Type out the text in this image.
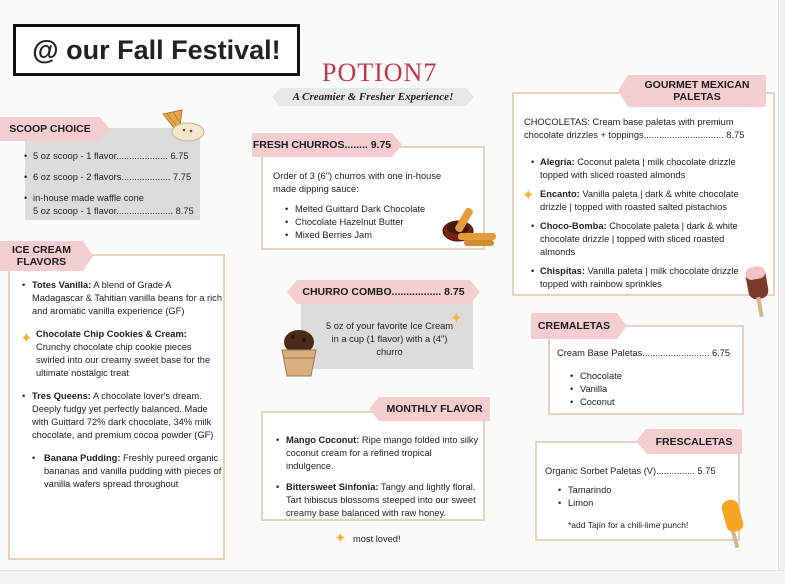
@ our Fall Festival!
POTION7
A Creamier & Fresher Experience!
SCOOP CHOICE
• 5 oz scoop - 1 flavor.................... 6.75
• 6 oz scoop - 2 flavors................... 7.75
• in-house made waffle cone
5 oz scoop - 1 flavor...................... 8.75
ICE CREAM FLAVORS
• Totes Vanilla: A blend of Grade A Madagascar & Tahitian vanilla beans for a rich and aromatic vanilla experience (GF)
Chocolate Chip Cookies & Cream:
Crunchy chocolate chip cookie pieces swirled into our creamy sweet base for the ultimate nostalgic treat
• Tres Queens: A chocolate lover's dream. Deeply fudgy yet perfectly balanced. Made with Guittard 72% dark chocolate, 34% milk chocolate, and premium cocoa powder (GF)
• Banana Pudding: Freshly pureed organic bananas and vanilla pudding with pieces of vanilla wafers spread throughout
✦
FRESH CHURROS........ 9.75
Order of 3 (6") churros with one in-house made dipping sauce:
• Melted Guittard Dark Chocolate
• Chocolate Hazelnut Butter
• Mixed Berries Jam
CHURRO COMBO................. 8.75
5 oz of your favorite Ice Cream in a cup (1 flavor) with a (4") churro
✦
MONTHLY FLAVOR
• Mango Coconut: Ripe mango folded into silky coconut cream for a refined tropical indulgence.
• Bittersweet Sinfonia: Tangy and lightly floral. Tart hibiscus blossoms steeped into our sweet creamy base balanced with raw honey.
✦ most loved!
GOURMET MEXICAN PALETAS
CHOCOLETAS: Cream base paletas with premium chocolate drizzles + toppings............................... 8.75
• Alegría: Coconut paleta | milk chocolate drizzle topped with sliced roasted almonds
Encanto: Vanilla paleta | dark & white chocolate drizzle | topped with roasted salted pistachios
• Choco-Bomba: Chocolate paleta | dark & white chocolate drizzle | topped with sliced roasted almonds
• Chispitas: Vanilla paleta | milk chocolate drizzle topped with rainbow sprinkles
✦
CREMALETAS
Cream Base Paletas.......................... 6.75
• Chocolate
• Vanilla
• Coconut
FRESCALETAS
Organic Sorbet Paletas (V)............... 5.75
• Tamarindo
• Limon
*add Tajín for a chili-lime punch!
